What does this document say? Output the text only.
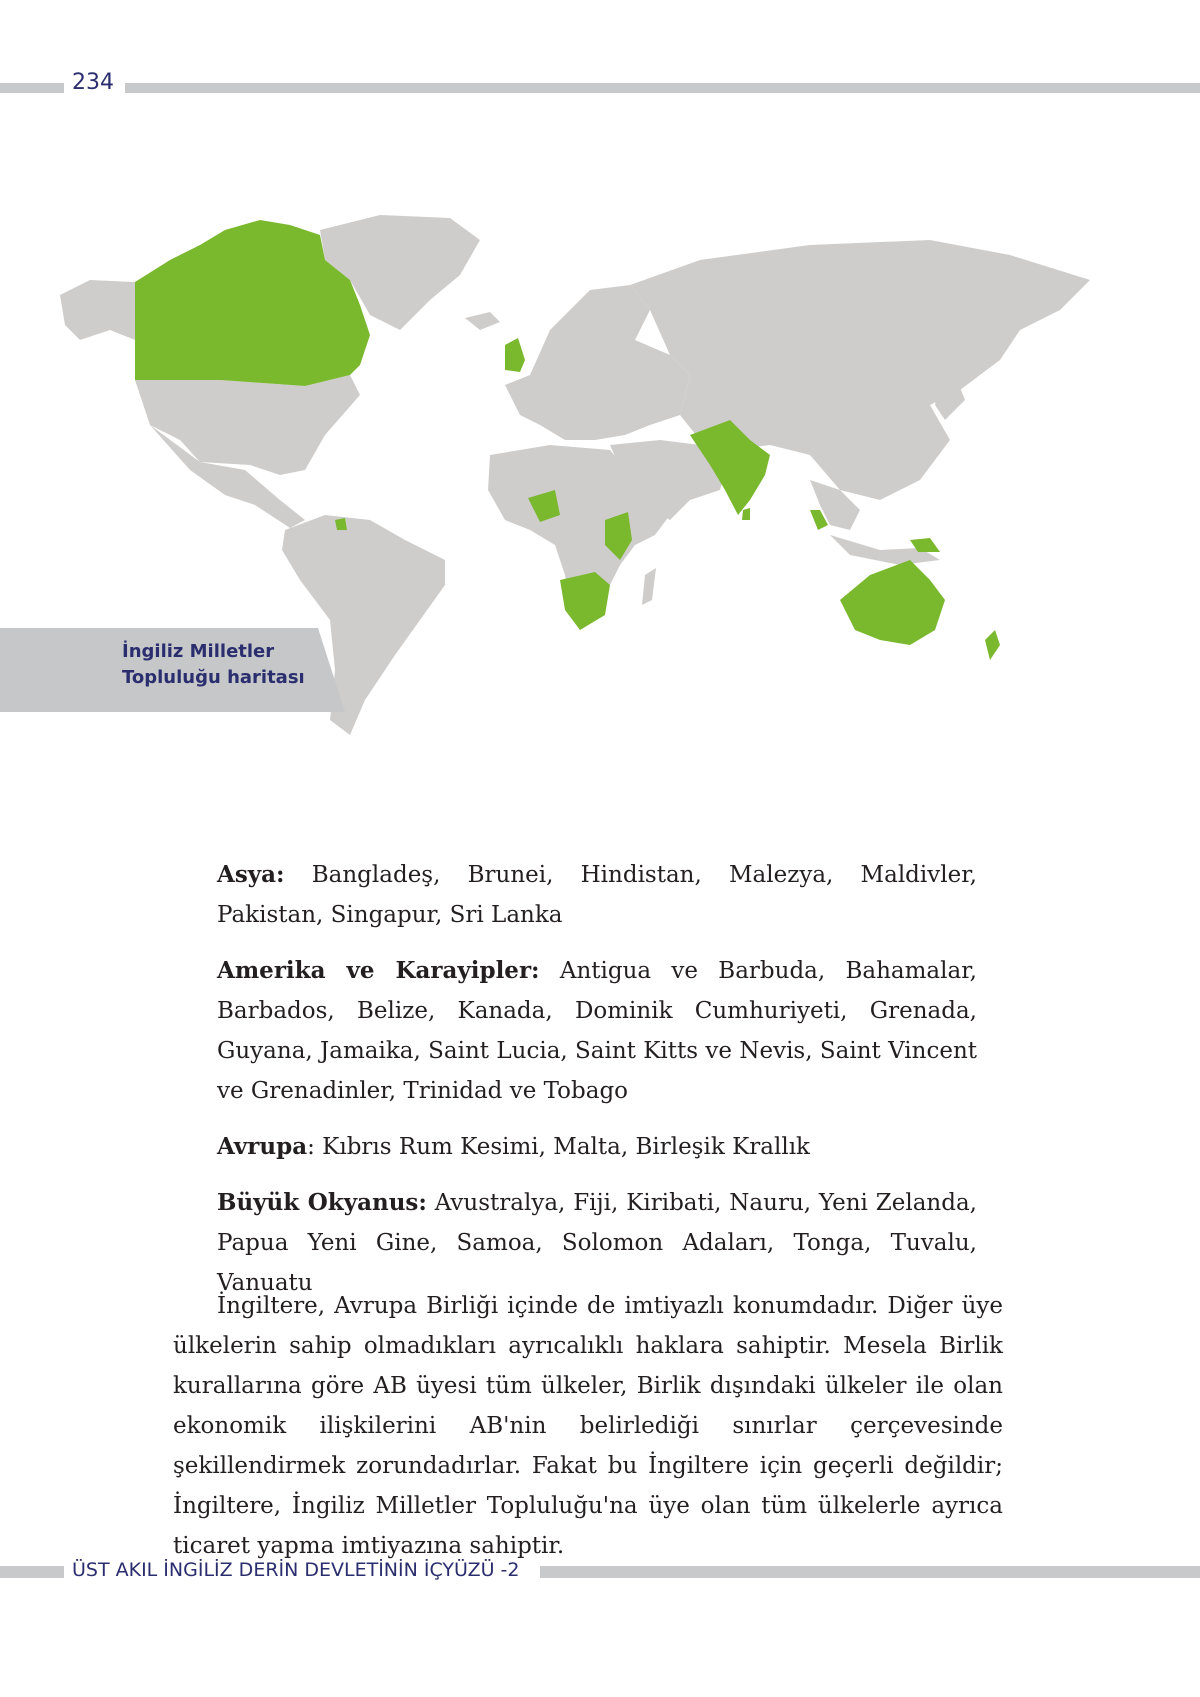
234
İngiliz Milletler
Topluluğu haritası

Asya: Bangladeş, Brunei, Hindistan, Malezya, Maldivler, Pakistan, Singapur, Sri Lanka

Amerika ve Karayipler: Antigua ve Barbuda, Bahamalar, Barbados, Belize, Kanada, Dominik Cumhuriyeti, Grenada, Guyana, Jamaika, Saint Lucia, Saint Kitts ve Nevis, Saint Vincent ve Grenadinler, Trinidad ve Tobago

Avrupa: Kıbrıs Rum Kesimi, Malta, Birleşik Krallık

Büyük Okyanus: Avustralya, Fiji, Kiribati, Nauru, Yeni Zelanda, Papua Yeni Gine, Samoa, Solomon Adaları, Tonga, Tuvalu, Vanuatu

İngiltere, Avrupa Birliği içinde de imtiyazlı konumdadır. Diğer üye ülkelerin sahip olmadıkları ayrıcalıklı haklara sahiptir. Mesela Birlik kurallarına göre AB üyesi tüm ülkeler, Birlik dışındaki ülkeler ile olan ekonomik ilişkilerini AB'nin belirlediği sınırlar çerçevesinde şekillendirmek zorundadırlar. Fakat bu İngiltere için geçerli değildir; İngiltere, İngiliz Milletler Topluluğu'na üye olan tüm ülkelerle ayrıca ticaret yapma imtiyazına sahiptir.

ÜST AKIL İNGİLİZ DERİN DEVLETİNİN İÇYÜZÜ -2
